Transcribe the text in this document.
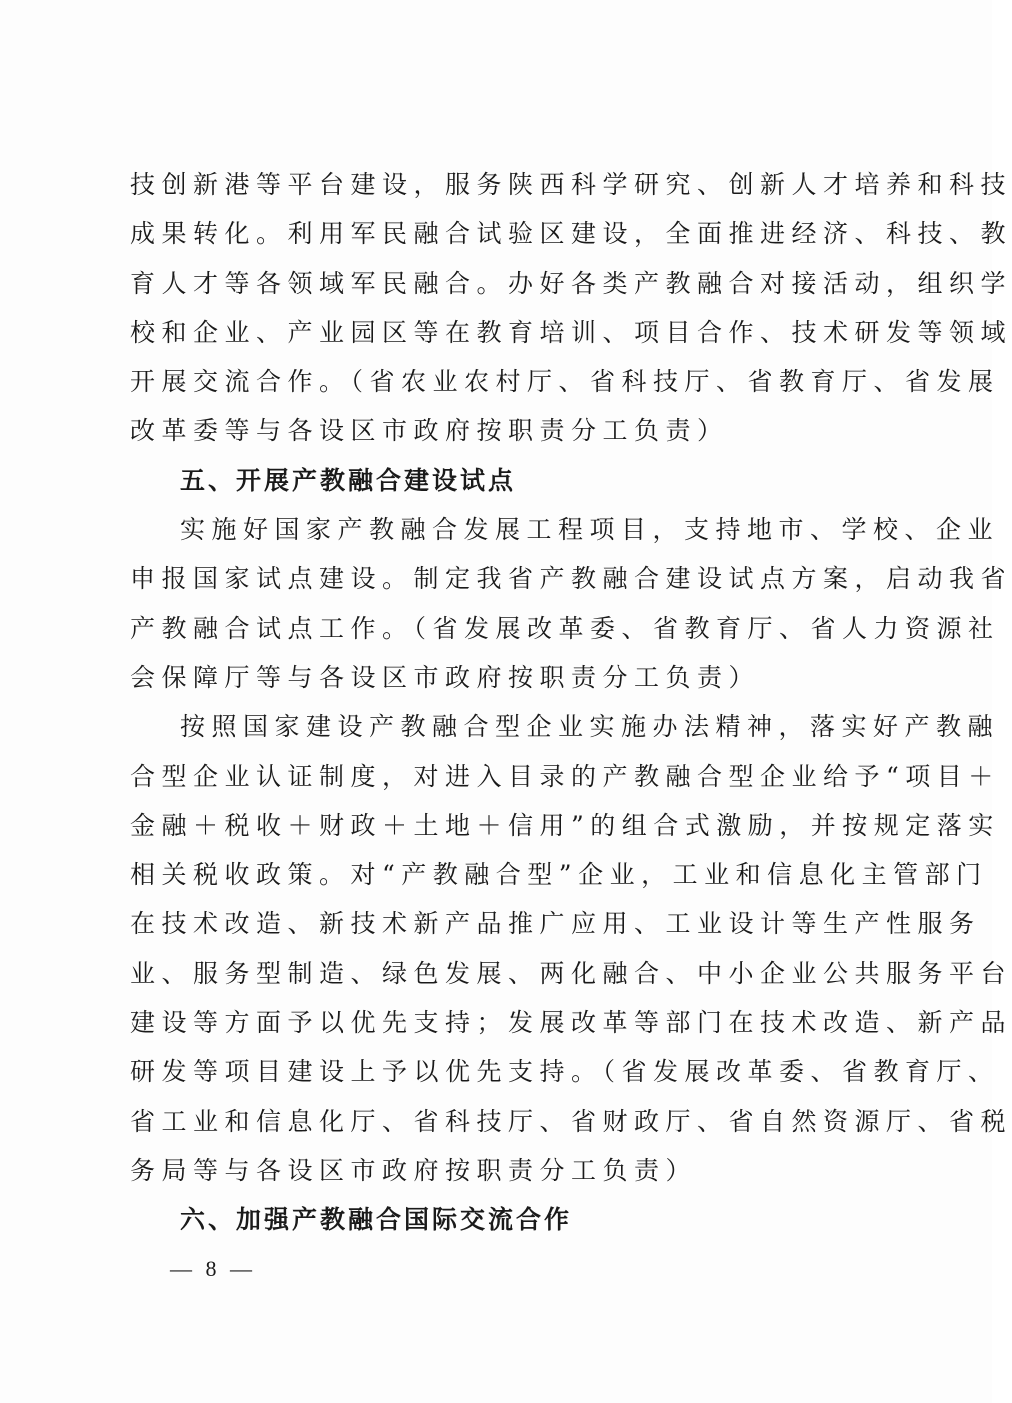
技创新港等平台建设，服务陕西科学研究、创新人才培养和科技
成果转化。利用军民融合试验区建设，全面推进经济、科技、教
育人才等各领域军民融合。办好各类产教融合对接活动，组织学
校和企业、产业园区等在教育培训、项目合作、技术研发等领域
开展交流合作。（省农业农村厅、省科技厅、省教育厅、省发展
改革委等与各设区市政府按职责分工负责）
五、开展产教融合建设试点
实施好国家产教融合发展工程项目，支持地市、学校、企业
申报国家试点建设。制定我省产教融合建设试点方案，启动我省
产教融合试点工作。（省发展改革委、省教育厅、省人力资源社
会保障厅等与各设区市政府按职责分工负责）
按照国家建设产教融合型企业实施办法精神，落实好产教融
合型企业认证制度，对进入目录的产教融合型企业给予“项目＋
金融＋税收＋财政＋土地＋信用”的组合式激励，并按规定落实
相关税收政策。对“产教融合型”企业，工业和信息化主管部门
在技术改造、新技术新产品推广应用、工业设计等生产性服务
业、服务型制造、绿色发展、两化融合、中小企业公共服务平台
建设等方面予以优先支持；发展改革等部门在技术改造、新产品
研发等项目建设上予以优先支持。（省发展改革委、省教育厅、
省工业和信息化厅、省科技厅、省财政厅、省自然资源厅、省税
务局等与各设区市政府按职责分工负责）
六、加强产教融合国际交流合作
— 8 —
